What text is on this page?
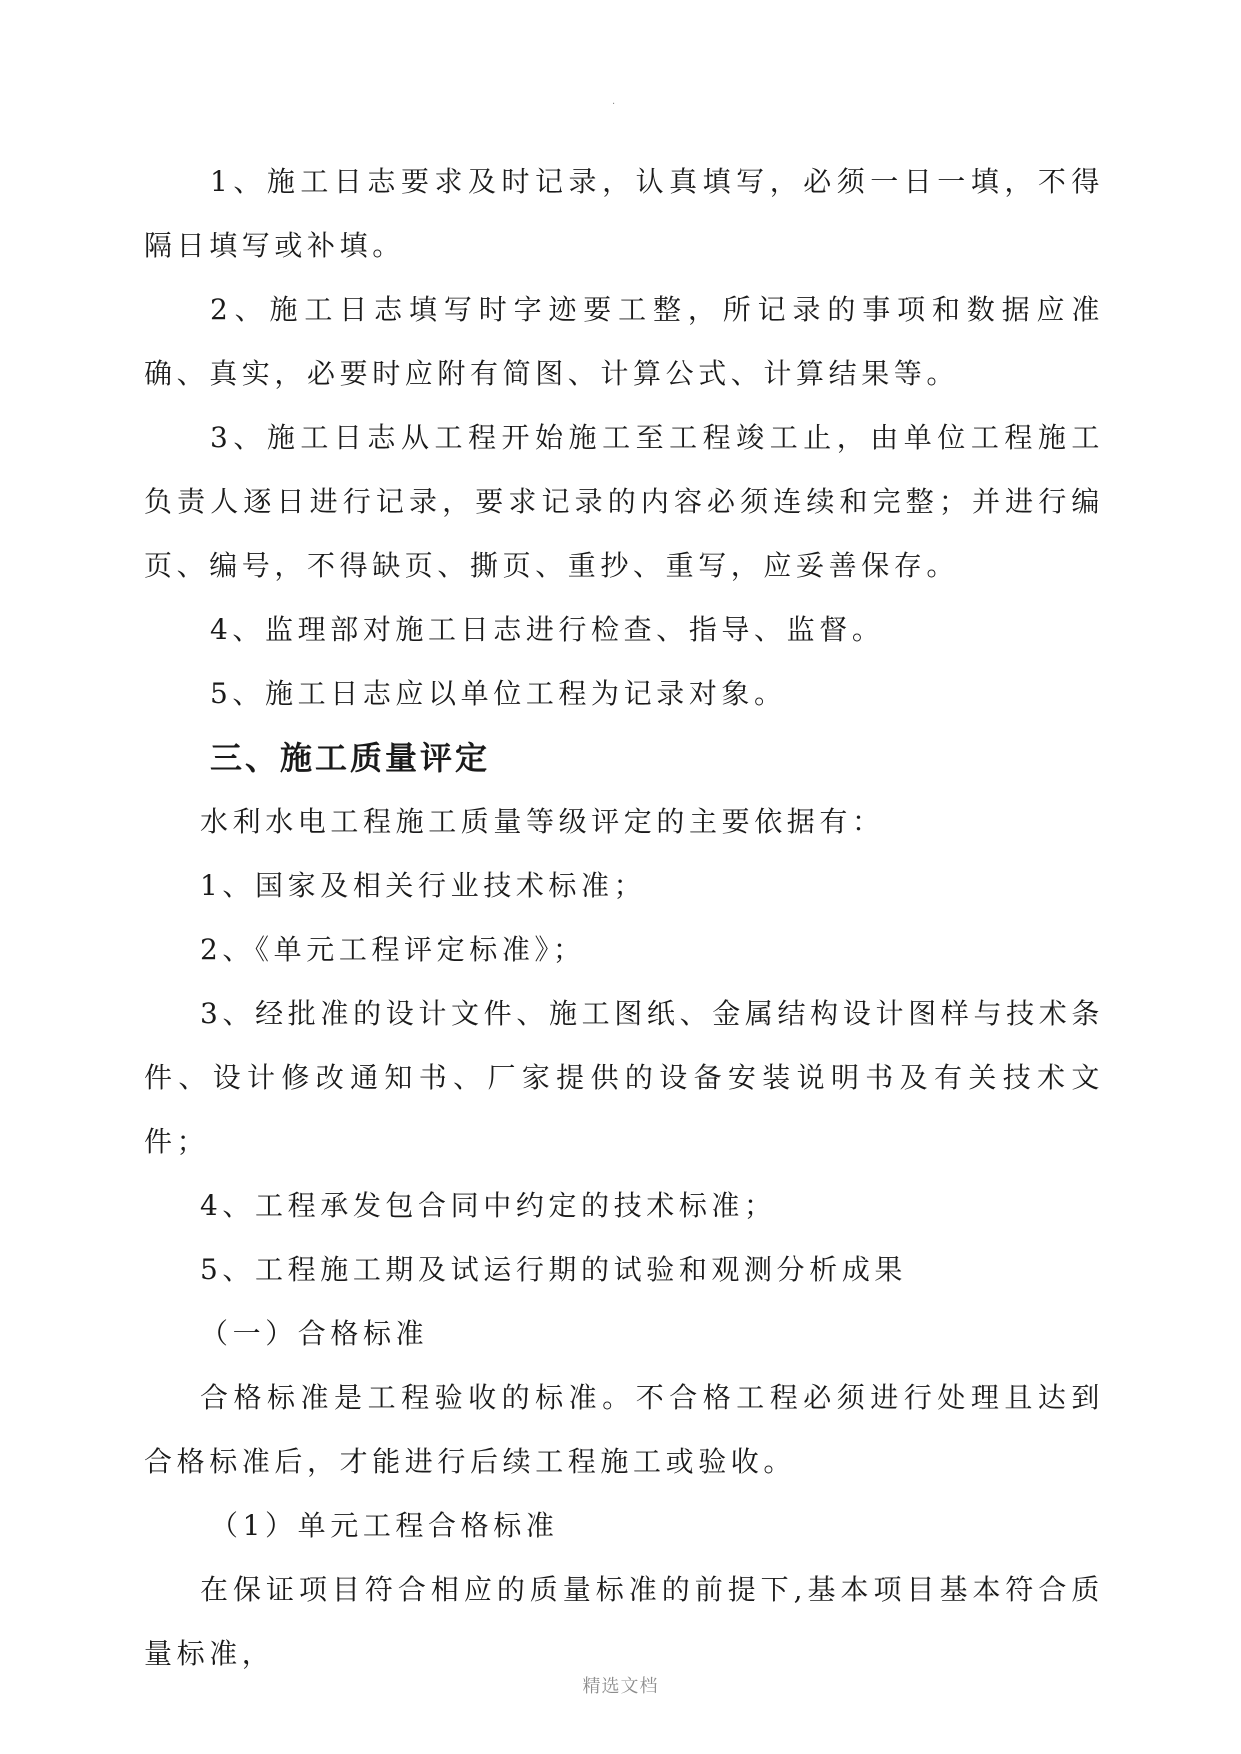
.

1、施工日志要求及时记录，认真填写，必须一日一填，不得隔日填写或补填。

2、施工日志填写时字迹要工整，所记录的事项和数据应准确、真实，必要时应附有简图、计算公式、计算结果等。

3、施工日志从工程开始施工至工程竣工止，由单位工程施工负责人逐日进行记录，要求记录的内容必须连续和完整；并进行编页、编号，不得缺页、撕页、重抄、重写，应妥善保存。

4、监理部对施工日志进行检查、指导、监督。

5、施工日志应以单位工程为记录对象。

三、施工质量评定

水利水电工程施工质量等级评定的主要依据有：

1、国家及相关行业技术标准；

2、《单元工程评定标准》；

3、经批准的设计文件、施工图纸、金属结构设计图样与技术条件、设计修改通知书、厂家提供的设备安装说明书及有关技术文件；

4、工程承发包合同中约定的技术标准；

5、工程施工期及试运行期的试验和观测分析成果

（一）合格标准

合格标准是工程验收的标准。不合格工程必须进行处理且达到合格标准后，才能进行后续工程施工或验收。

（1）单元工程合格标准

在保证项目符合相应的质量标准的前提下,基本项目基本符合质量标准，

精选文档
